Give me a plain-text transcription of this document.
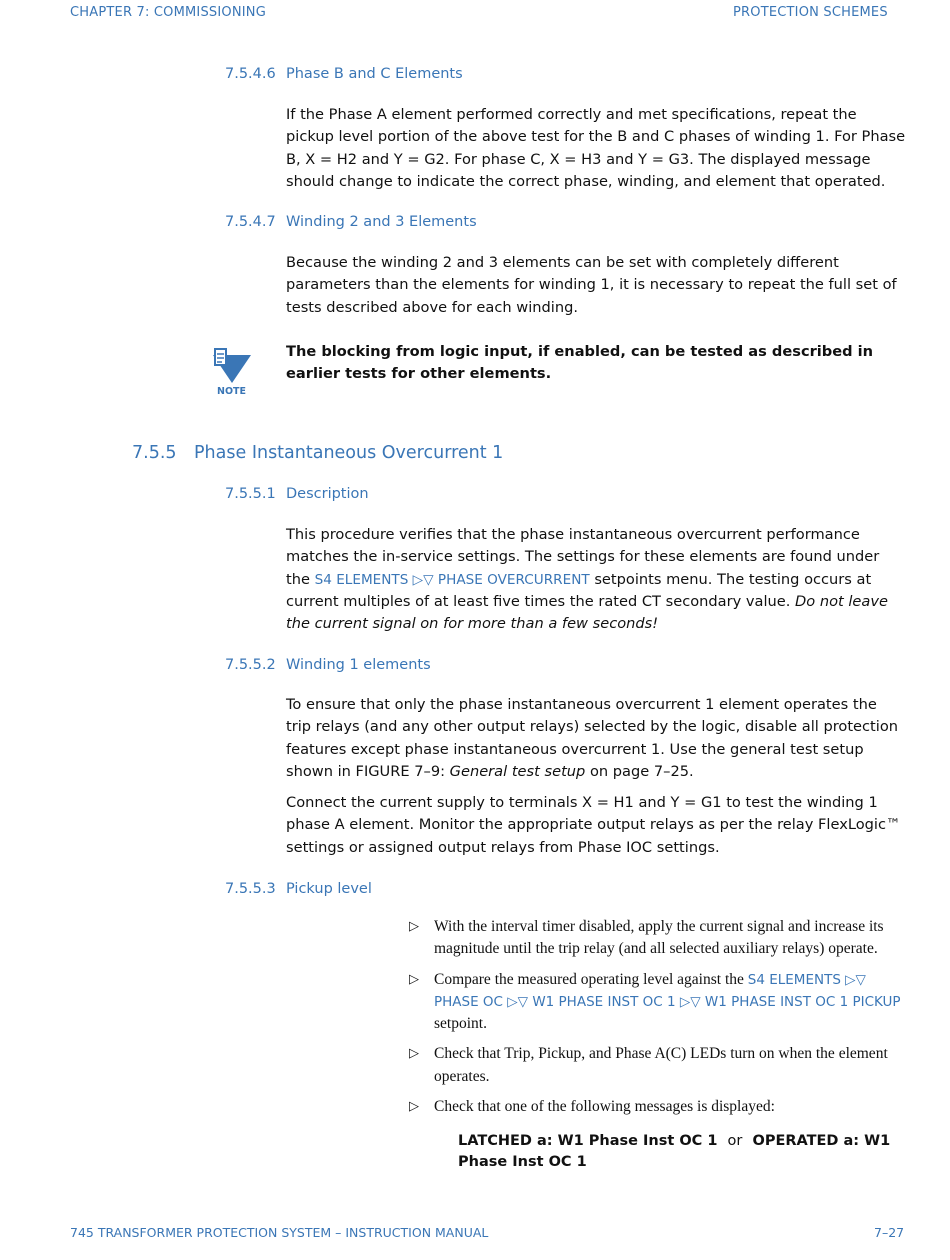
CHAPTER 7: COMMISSIONING	PROTECTION SCHEMES
7.5.4.6 Phase B and C Elements

If the Phase A element performed correctly and met specifications, repeat the pickup level portion of the above test for the B and C phases of winding 1. For Phase B, X = H2 and Y = G2. For phase C, X = H3 and Y = G3. The displayed message should change to indicate the correct phase, winding, and element that operated.

7.5.4.7 Winding 2 and 3 Elements

Because the winding 2 and 3 elements can be set with completely different parameters than the elements for winding 1, it is necessary to repeat the full set of tests described above for each winding.

NOTE
The blocking from logic input, if enabled, can be tested as described in earlier tests for other elements.
7.5.5 Phase Instantaneous Overcurrent 1
7.5.5.1 Description

This procedure verifies that the phase instantaneous overcurrent performance matches the in-service settings. The settings for these elements are found under the S4 ELEMENTS ▷▽ PHASE OVERCURRENT setpoints menu. The testing occurs at current multiples of at least five times the rated CT secondary value. Do not leave the current signal on for more than a few seconds!

7.5.5.2 Winding 1 elements

To ensure that only the phase instantaneous overcurrent 1 element operates the trip relays (and any other output relays) selected by the logic, disable all protection features except phase instantaneous overcurrent 1. Use the general test setup shown in FIGURE 7–9: General test setup on page 7–25.

Connect the current supply to terminals X = H1 and Y = G1 to test the winding 1 phase A element. Monitor the appropriate output relays as per the relay FlexLogic™ settings or assigned output relays from Phase IOC settings.

7.5.5.3 Pickup level
▷ With the interval timer disabled, apply the current signal and increase its magnitude until the trip relay (and all selected auxiliary relays) operate.
▷ Compare the measured operating level against the S4 ELEMENTS ▷▽ PHASE OC ▷▽ W1 PHASE INST OC 1 ▷▽ W1 PHASE INST OC 1 PICKUP setpoint.
▷ Check that Trip, Pickup, and Phase A(C) LEDs turn on when the element operates.
▷ Check that one of the following messages is displayed:
LATCHED a: W1 Phase Inst OC 1 or OPERATED a: W1 Phase Inst OC 1
745 TRANSFORMER PROTECTION SYSTEM – INSTRUCTION MANUAL	7–27
